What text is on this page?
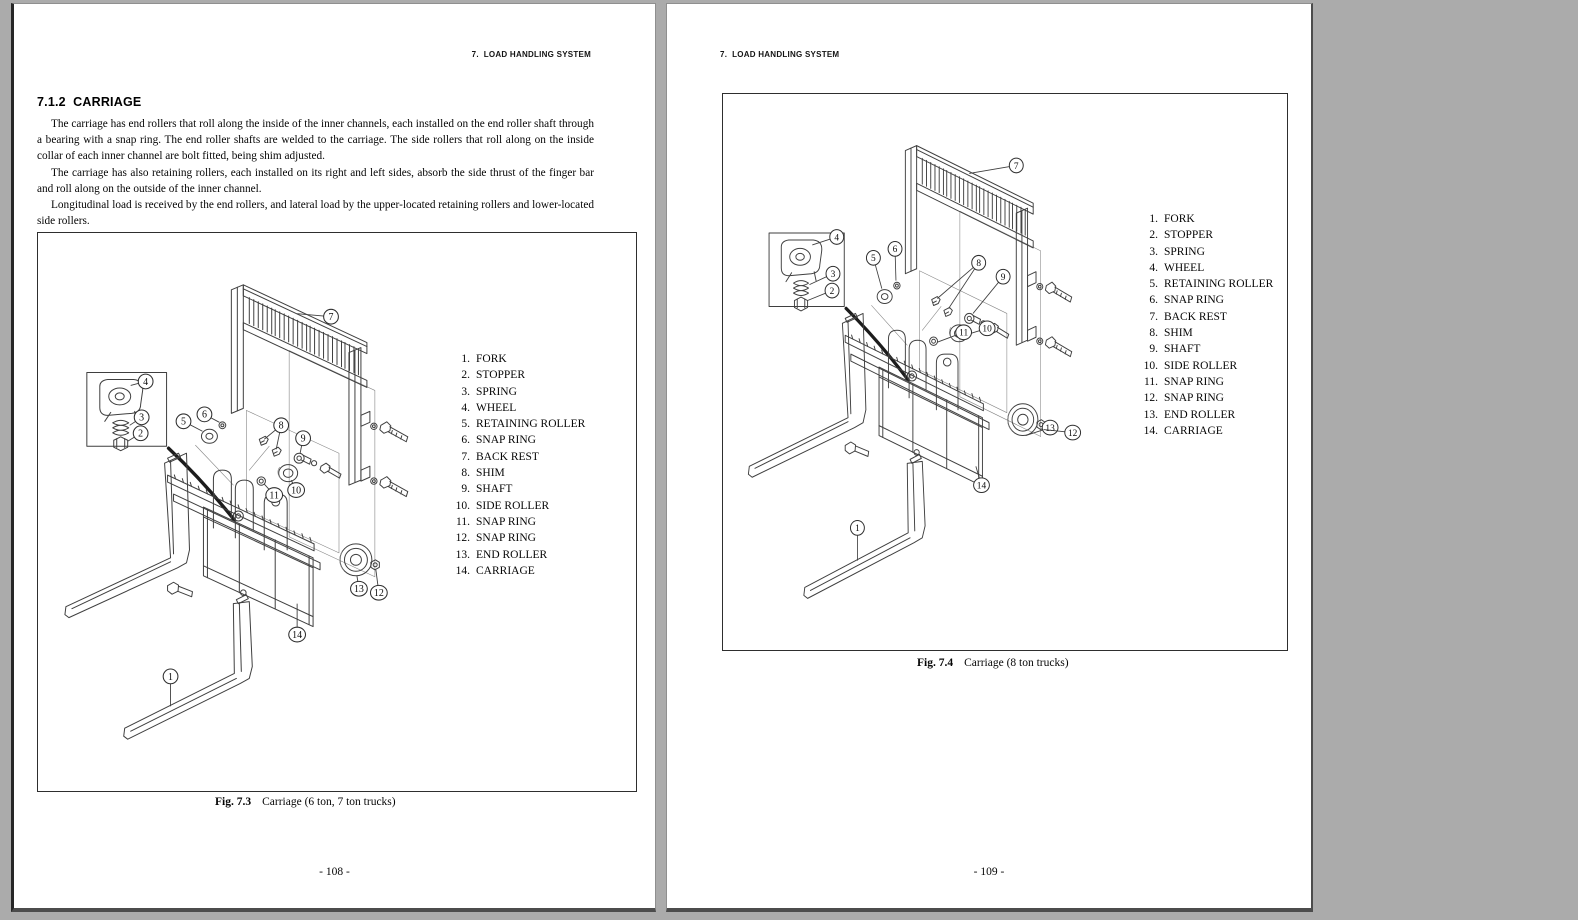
7.  LOAD HANDLING SYSTEM
7.1.2  CARRIAGE

The carriage has end rollers that roll along the inside of the inner channels, each installed on the end roller shaft through a bearing with a snap ring. The end roller shafts are welded to the carriage. The side rollers that roll along on the inside collar of each inner channel are bolt fitted, being shim adjusted.

The carriage has also retaining rollers, each installed on its right and left sides, absorb the side thrust of the finger bar and roll along on the outside of the inner channel.

Longitudinal load is received by the end rollers, and lateral load by the upper-located retaining rollers and lower-located side rollers.

7
4
3
2
5
6
8
9
10
11
13 12
14
1
1. FORK
2. STOPPER
3. SPRING
4. WHEEL
5. RETAINING ROLLER
6. SNAP RING
7. BACK REST
8. SHIM
9. SHAFT
10. SIDE ROLLER
11. SNAP RING
12. SNAP RING
13. END ROLLER
14. CARRIAGE
Fig. 7.3 Carriage (6 ton, 7 ton trucks)
- 108 -
7.  LOAD HANDLING SYSTEM
7
4
3
2
5
6
8
9
10
11
13 12
14
1
1. FORK
2. STOPPER
3. SPRING
4. WHEEL
5. RETAINING ROLLER
6. SNAP RING
7. BACK REST
8. SHIM
9. SHAFT
10. SIDE ROLLER
11. SNAP RING
12. SNAP RING
13. END ROLLER
14. CARRIAGE
Fig. 7.4 Carriage (8 ton trucks)
- 109 -
